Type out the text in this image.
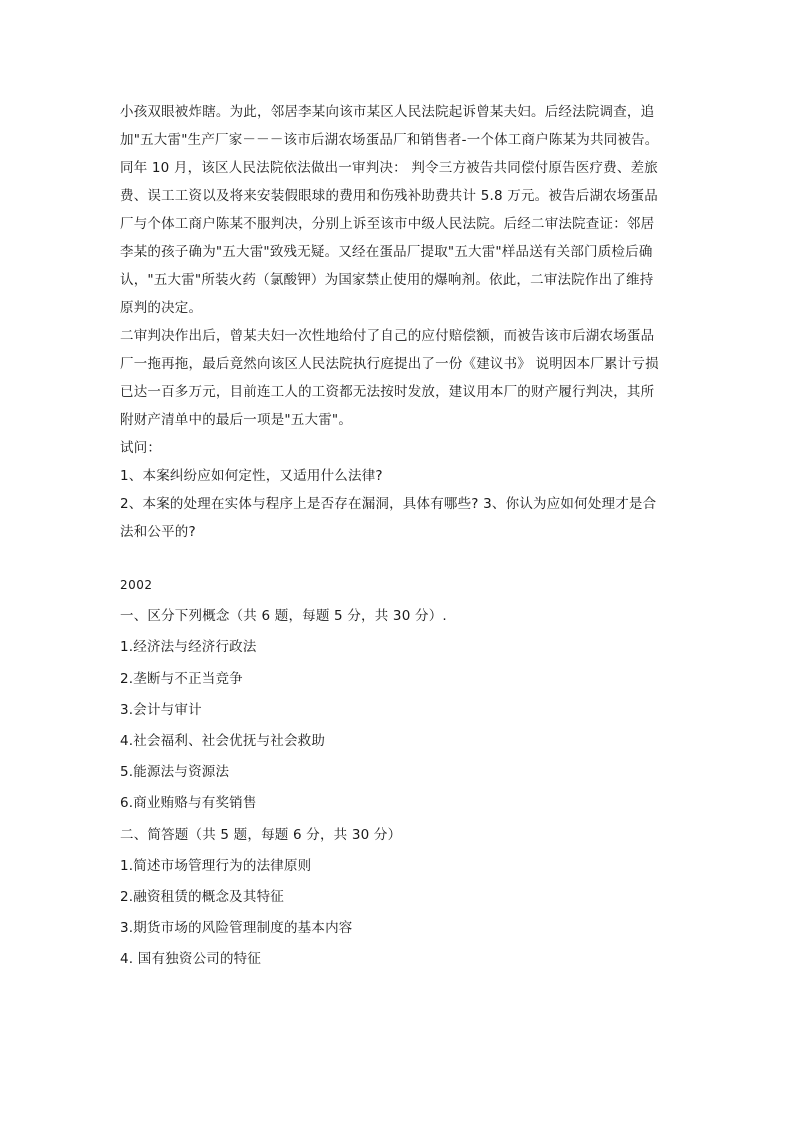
小孩双眼被炸瞎。为此，邻居李某向该市某区人民法院起诉曾某夫妇。后经法院调查，追
加"五大雷"生产厂家－－－该市后湖农场蛋品厂和销售者-一个体工商户陈某为共同被告。
同年 10 月，该区人民法院依法做出一审判决： 判令三方被告共同偿付原告医疗费、差旅
费、误工工资以及将来安装假眼球的费用和伤残补助费共计 5.8 万元。被告后湖农场蛋品
厂与个体工商户陈某不服判决，分别上诉至该市中级人民法院。后经二审法院查证：邻居
李某的孩子确为"五大雷"致残无疑。又经在蛋品厂提取"五大雷"样品送有关部门质检后确
认，"五大雷"所装火药（氯酸钾）为国家禁止使用的爆响剂。依此，二审法院作出了维持
原判的决定。
二审判决作出后，曾某夫妇一次性地给付了自己的应付赔偿额，而被告该市后湖农场蛋品
厂一拖再拖，最后竟然向该区人民法院执行庭提出了一份《建议书》 说明因本厂累计亏损
已达一百多万元，目前连工人的工资都无法按时发放，建议用本厂的财产履行判决，其所
附财产清单中的最后一项是"五大雷"。
试问：
1、本案纠纷应如何定性，又适用什么法律?
2、本案的处理在实体与程序上是否存在漏洞，具体有哪些? 3、你认为应如何处理才是合
法和公平的?
2002
一、区分下列概念（共 6 题，每题 5 分，共 30 分）.
1.经济法与经济行政法
2.垄断与不正当竞争
3.会计与审计
4.社会福利、社会优抚与社会救助
5.能源法与资源法
6.商业贿赂与有奖销售
二、简答题（共 5 题，每题 6 分，共 30 分）
1.简述市场管理行为的法律原则
2.融资租赁的概念及其特征
3.期货市场的风险管理制度的基本内容
4. 国有独资公司的特征
